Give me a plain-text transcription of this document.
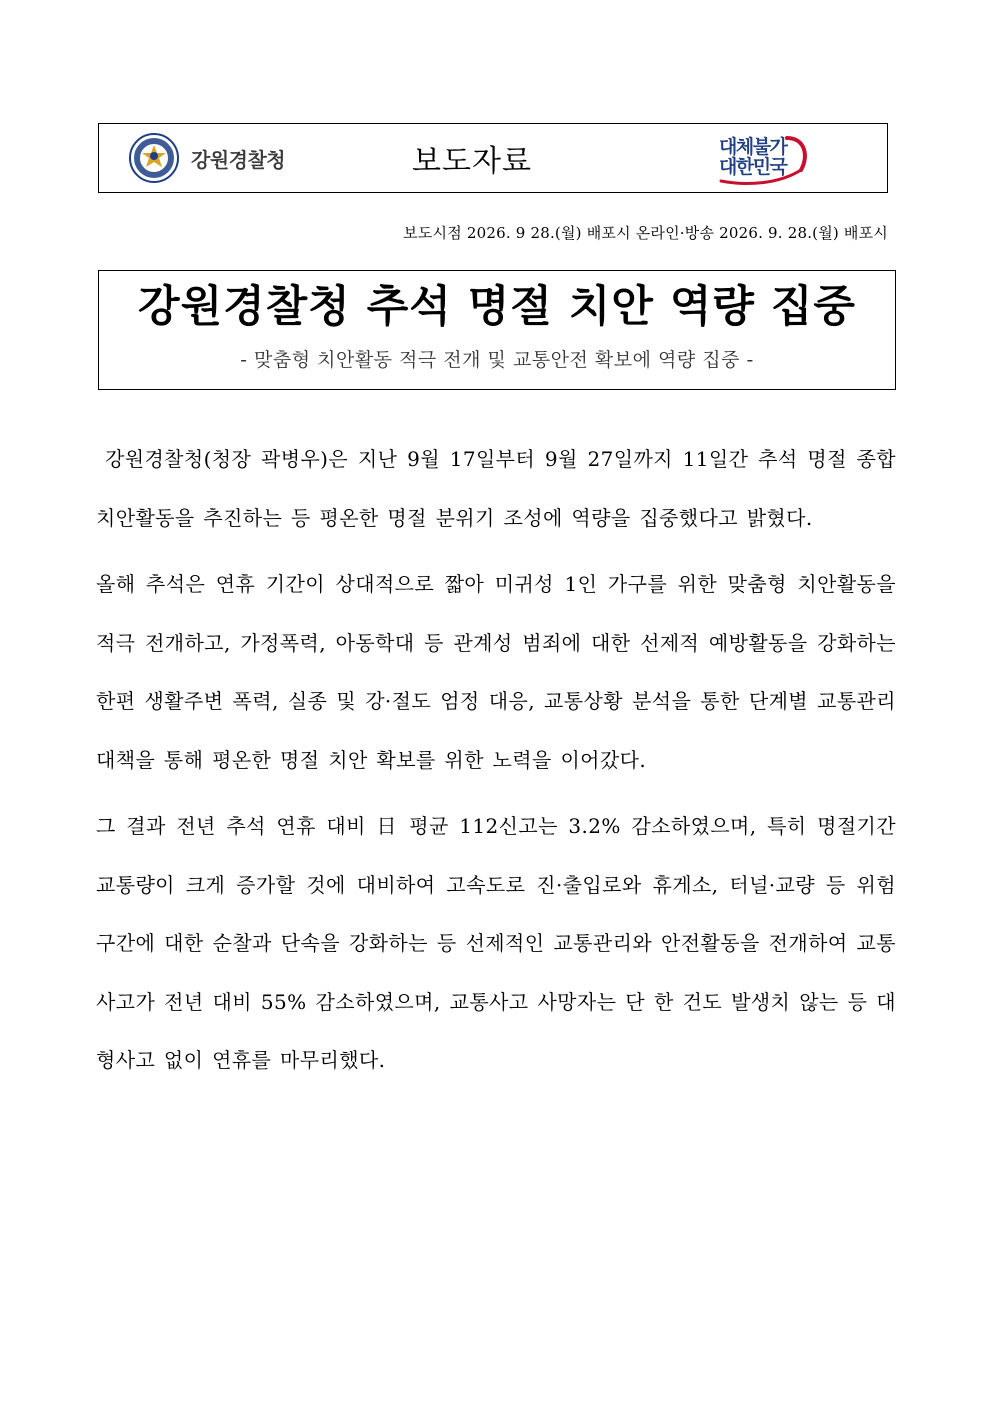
강원경찰청	보도자료	대체불가
대한민국
보도시점 2026. 9 28.(월) 배포시 온라인·방송 2026. 9. 28.(월) 배포시
강원경찰청 추석 명절 치안 역량 집중
- 맞춤형 치안활동 적극 전개 및 교통안전 확보에 역량 집중 -

강원경찰청(청장 곽병우)은 지난 9월 17일부터 9월 27일까지 11일간 추석 명절 종합치안활동을 추진하는 등 평온한 명절 분위기 조성에 역량을 집중했다고 밝혔다.

올해 추석은 연휴 기간이 상대적으로 짧아 미귀성 1인 가구를 위한 맞춤형 치안활동을 적극 전개하고, 가정폭력, 아동학대 등 관계성 범죄에 대한 선제적 예방활동을 강화하는 한편 생활주변 폭력, 실종 및 강·절도 엄정 대응, 교통상황 분석을 통한 단계별 교통관리 대책을 통해 평온한 명절 치안 확보를 위한 노력을 이어갔다.

그 결과 전년 추석 연휴 대비 日 평균 112신고는 3.2% 감소하였으며, 특히 명절기간 교통량이 크게 증가할 것에 대비하여 고속도로 진·출입로와 휴게소, 터널·교량 등 위험 구간에 대한 순찰과 단속을 강화하는 등 선제적인 교통관리와 안전활동을 전개하여 교통사고가 전년 대비 55% 감소하였으며, 교통사고 사망자는 단 한 건도 발생치 않는 등 대형사고 없이 연휴를 마무리했다.
